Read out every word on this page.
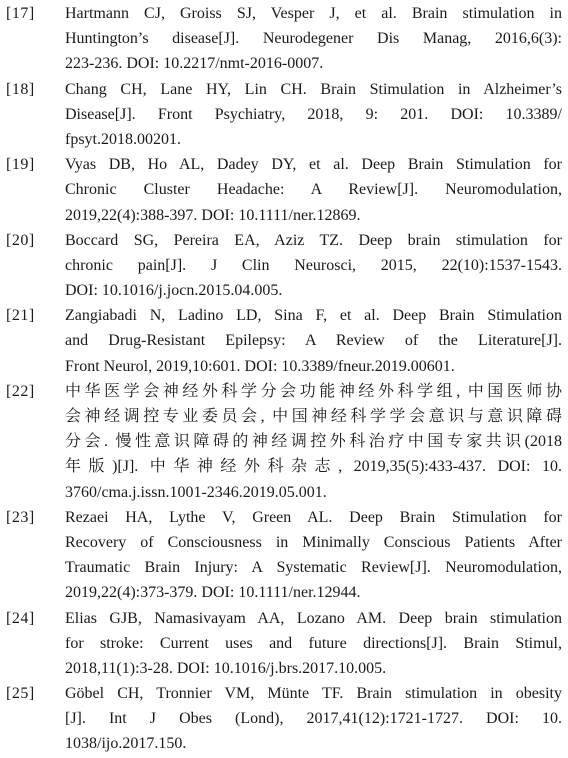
[17] Hartmann CJ, Groiss SJ, Vesper J, et al. Brain stimulation in
Huntington’s disease[J]. Neurodegener Dis Manag, 2016,6(3):
223-236. DOI: 10.2217/nmt-2016-0007.
[18] Chang CH, Lane HY, Lin CH. Brain Stimulation in Alzheimer’s
Disease[J]. Front Psychiatry, 2018, 9: 201. DOI: 10.3389/
fpsyt.2018.00201.
[19] Vyas DB, Ho AL, Dadey DY, et al. Deep Brain Stimulation for
Chronic Cluster Headache: A Review[J]. Neuromodulation,
2019,22(4):388-397. DOI: 10.1111/ner.12869.
[20] Boccard SG, Pereira EA, Aziz TZ. Deep brain stimulation for
chronic pain[J]. J Clin Neurosci, 2015, 22(10):1537-1543.
DOI: 10.1016/j.jocn.2015.04.005.
[21] Zangiabadi N, Ladino LD, Sina F, et al. Deep Brain Stimulation
and Drug-Resistant Epilepsy: A Review of the Literature[J].
Front Neurol, 2019,10:601. DOI: 10.3389/fneur.2019.00601.
[22] 中华医学会神经外科学分会功能神经外科学组, 中国医师协
会神经调控专业委员会, 中国神经科学学会意识与意识障碍
分会. 慢性意识障碍的神经调控外科治疗中国专家共识(2018
年版)[J]. 中华神经外科杂志, 2019,35(5):433-437. DOI: 10.
3760/cma.j.issn.1001-2346.2019.05.001.
[23] Rezaei HA, Lythe V, Green AL. Deep Brain Stimulation for
Recovery of Consciousness in Minimally Conscious Patients After
Traumatic Brain Injury: A Systematic Review[J]. Neuromodulation,
2019,22(4):373-379. DOI: 10.1111/ner.12944.
[24] Elias GJB, Namasivayam AA, Lozano AM. Deep brain stimulation
for stroke: Current uses and future directions[J]. Brain Stimul,
2018,11(1):3-28. DOI: 10.1016/j.brs.2017.10.005.
[25] Göbel CH, Tronnier VM, Münte TF. Brain stimulation in obesity
[J]. Int J Obes (Lond), 2017,41(12):1721-1727. DOI: 10.
1038/ijo.2017.150.
